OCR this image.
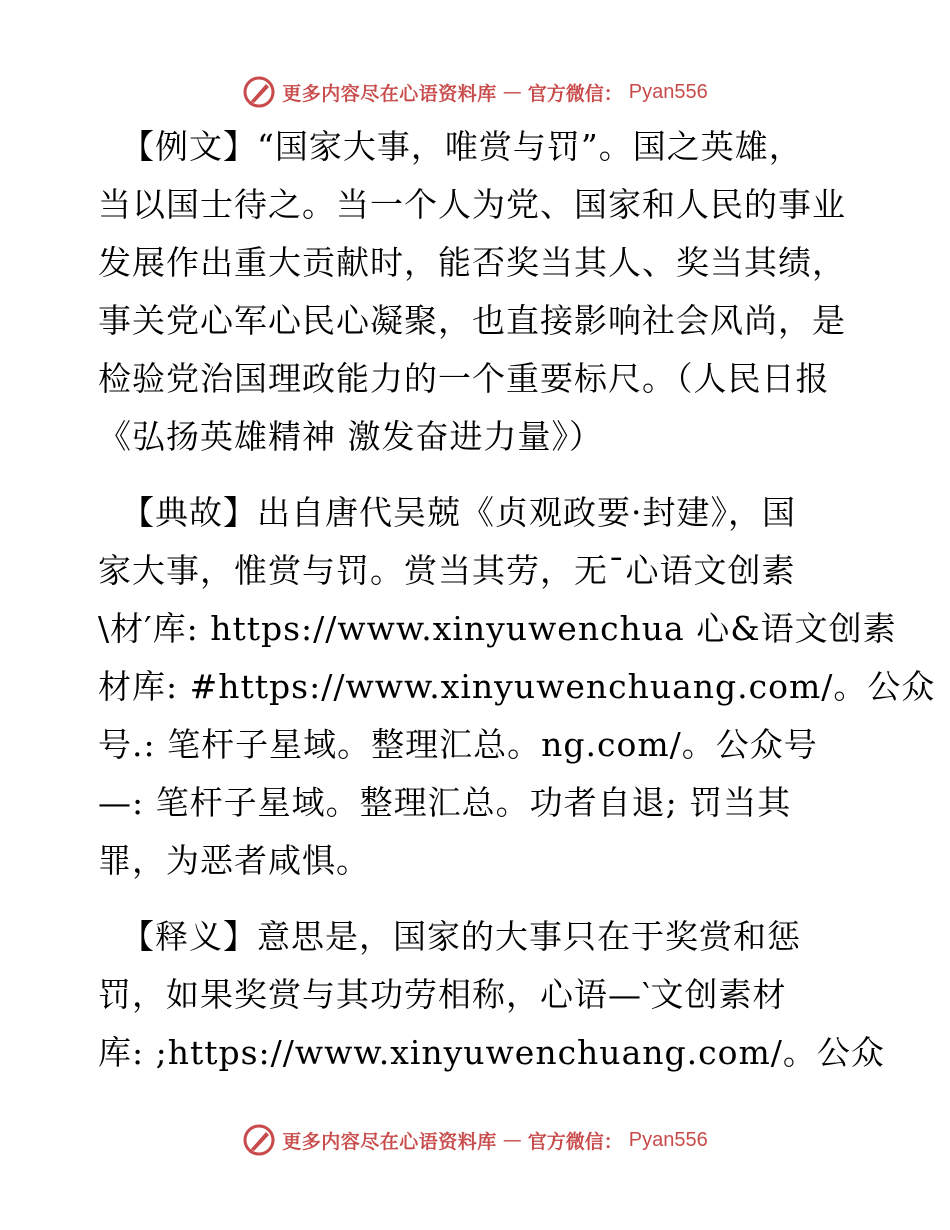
更多内容尽在心语资料库 — 官方微信： Pyan556
【例文】“国家大事，唯赏与罚”。国之英雄，
当以国士待之。当一个人为党、国家和人民的事业
发展作出重大贡献时，能否奖当其人、奖当其绩，
事关党心军心民心凝聚，也直接影响社会风尚，是
检验党治国理政能力的一个重要标尺。（人民日报
《弘扬英雄精神 激发奋进力量》）
【典故】出自唐代吴兢《贞观政要·封建》，国
家大事，惟赏与罚。赏当其劳，无¯心语文创素
\材′库: https://www.xinyuwenchua 心&语文创素
材库: #https://www.xinyuwenchuang.com/。公众
号.: 笔杆子星域。整理汇总。ng.com/。公众号
—: 笔杆子星域。整理汇总。功者自退; 罚当其
罪，为恶者咸惧。
【释义】意思是，国家的大事只在于奖赏和惩
罚，如果奖赏与其功劳相称，心语—‵文创素材
库: ;https://www.xinyuwenchuang.com/。公众
更多内容尽在心语资料库 — 官方微信： Pyan556
